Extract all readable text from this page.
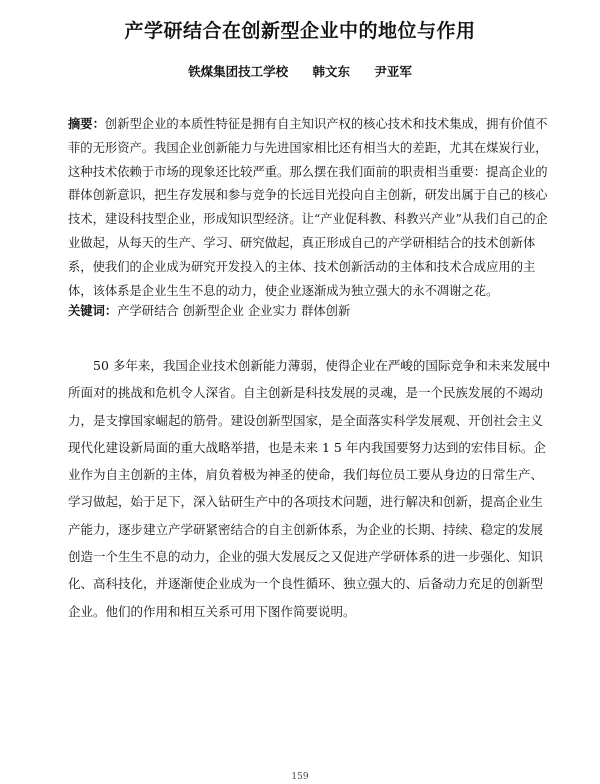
产学研结合在创新型企业中的地位与作用
铁煤集团技工学校 韩文东 尹亚军
摘要：创新型企业的本质性特征是拥有自主知识产权的核心技术和技术集成，拥有价值不菲的无形资产。我国企业创新能力与先进国家相比还有相当大的差距，尤其在煤炭行业，这种技术依赖于市场的现象还比较严重。那么摆在我们面前的职责相当重要：提高企业的群体创新意识，把生存发展和参与竞争的长远目光投向自主创新，研发出属于自己的核心技术，建设科技型企业，形成知识型经济。让“产业促科教、科教兴产业”从我们自己的企业做起，从每天的生产、学习、研究做起，真正形成自己的产学研相结合的技术创新体系，使我们的企业成为研究开发投入的主体、技术创新活动的主体和技术合成应用的主体，该体系是企业生生不息的动力，使企业逐渐成为独立强大的永不凋谢之花。
关键词：产学研结合 创新型企业 企业实力 群体创新
50 多年来，我国企业技术创新能力薄弱，使得企业在严峻的国际竞争和未来发展中所面对的挑战和危机令人深省。自主创新是科技发展的灵魂，是一个民族发展的不竭动力，是支撑国家崛起的筋骨。建设创新型国家，是全面落实科学发展观、开创社会主义现代化建设新局面的重大战略举措，也是未来 1 5 年内我国要努力达到的宏伟目标。企业作为自主创新的主体，肩负着极为神圣的使命，我们每位员工要从身边的日常生产、学习做起，始于足下，深入钻研生产中的各项技术问题，进行解决和创新，提高企业生产能力，逐步建立产学研紧密结合的自主创新体系，为企业的长期、持续、稳定的发展创造一个生生不息的动力，企业的强大发展反之又促进产学研体系的进一步强化、知识化、高科技化，并逐渐使企业成为一个良性循环、独立强大的、后备动力充足的创新型企业。他们的作用和相互关系可用下图作简要说明。
159
